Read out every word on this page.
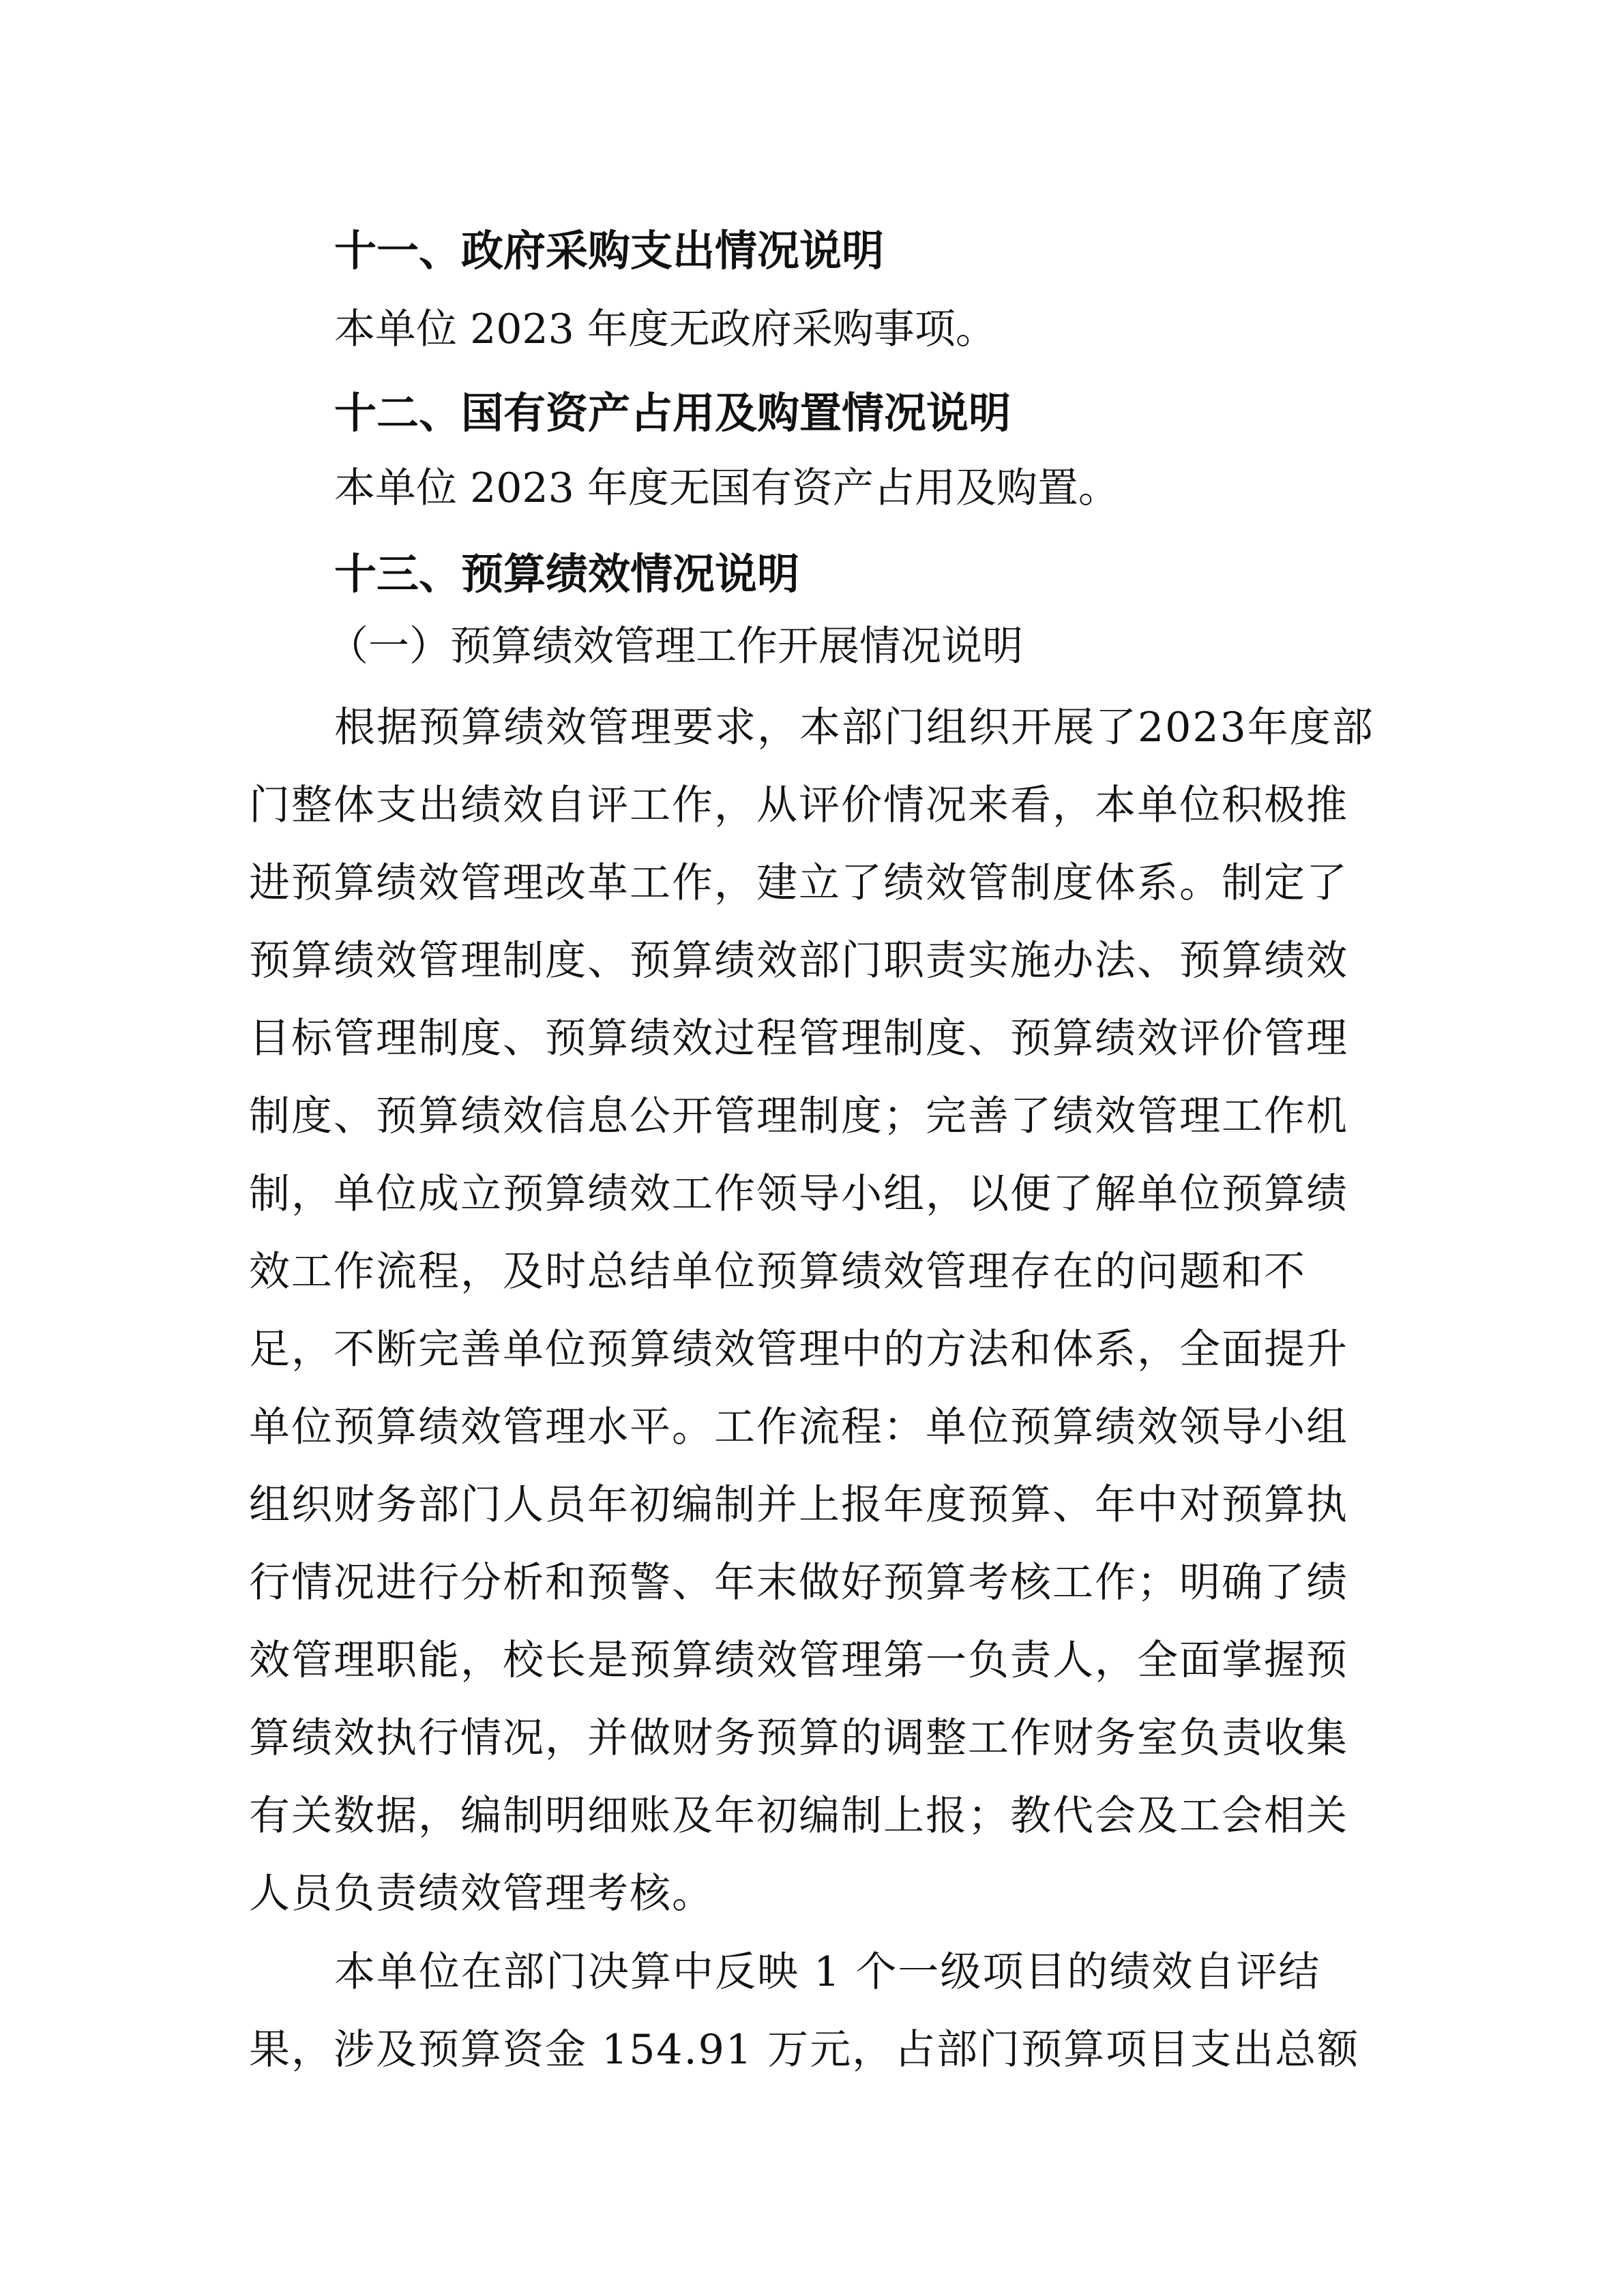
十一、政府采购支出情况说明
本单位 2023 年度无政府采购事项。
十二、国有资产占用及购置情况说明
本单位 2023 年度无国有资产占用及购置。
十三、预算绩效情况说明
（一）预算绩效管理工作开展情况说明
根据预算绩效管理要求，本部门组织开展了2023年度部
门整体支出绩效自评工作，从评价情况来看，本单位积极推
进预算绩效管理改革工作，建立了绩效管制度体系。制定了
预算绩效管理制度、预算绩效部门职责实施办法、预算绩效
目标管理制度、预算绩效过程管理制度、预算绩效评价管理
制度、预算绩效信息公开管理制度；完善了绩效管理工作机
制，单位成立预算绩效工作领导小组，以便了解单位预算绩
效工作流程，及时总结单位预算绩效管理存在的问题和不
足，不断完善单位预算绩效管理中的方法和体系，全面提升
单位预算绩效管理水平。工作流程：单位预算绩效领导小组
组织财务部门人员年初编制并上报年度预算、年中对预算执
行情况进行分析和预警、年末做好预算考核工作；明确了绩
效管理职能，校长是预算绩效管理第一负责人，全面掌握预
算绩效执行情况，并做财务预算的调整工作财务室负责收集
有关数据，编制明细账及年初编制上报；教代会及工会相关
人员负责绩效管理考核。
本单位在部门决算中反映 1 个一级项目的绩效自评结
果，涉及预算资金 154.91 万元，占部门预算项目支出总额
